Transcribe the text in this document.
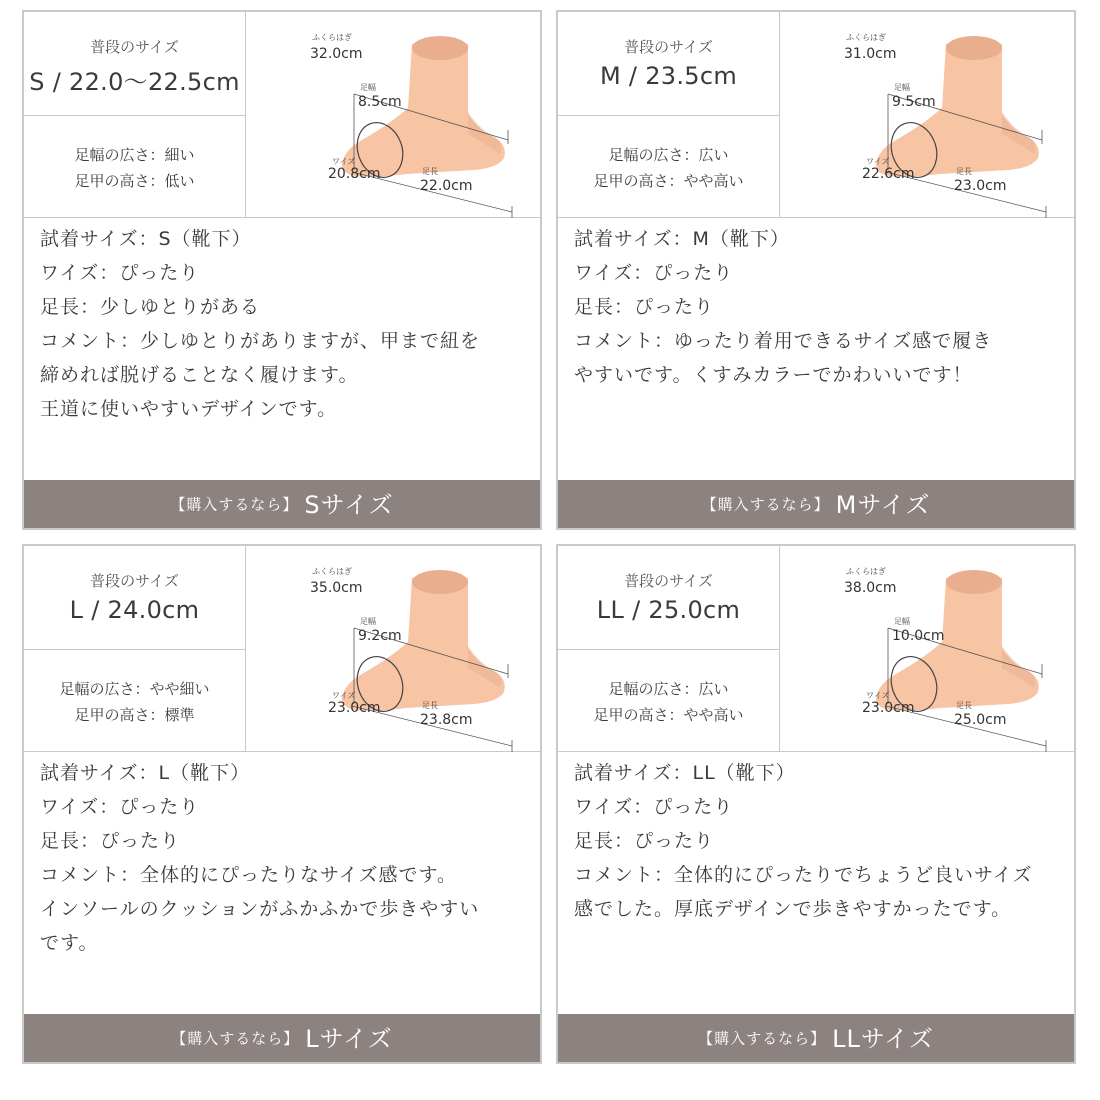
普段のサイズ
S / 22.0〜22.5cm
足幅の広さ：細い
足甲の高さ：低い
ふくらはぎ
32.0cm
足幅
8.5cm
ワイズ
20.8cm	足長
22.0cm

試着サイズ：S（靴下）

ワイズ：ぴったり

足長：少しゆとりがある

コメント：少しゆとりがありますが、甲まで紐を

締めれば脱げることなく履けます。

王道に使いやすいデザインです。

【購入するなら】 Sサイズ
普段のサイズ
M / 23.5cm
足幅の広さ：広い
足甲の高さ：やや高い
ふくらはぎ
31.0cm
足幅
9.5cm
ワイズ
22.6cm	足長
23.0cm

試着サイズ：M（靴下）

ワイズ：ぴったり

足長：ぴったり

コメント：ゆったり着用できるサイズ感で履き

やすいです。くすみカラーでかわいいです！

【購入するなら】 Mサイズ
普段のサイズ
L / 24.0cm
足幅の広さ：やや細い
足甲の高さ：標準
ふくらはぎ
35.0cm
足幅
9.2cm
ワイズ
23.0cm	足長
23.8cm

試着サイズ：L（靴下）

ワイズ：ぴったり

足長：ぴったり

コメント：全体的にぴったりなサイズ感です。

インソールのクッションがふかふかで歩きやすい

です。

【購入するなら】 Lサイズ
普段のサイズ
LL / 25.0cm
足幅の広さ：広い
足甲の高さ：やや高い
ふくらはぎ
38.0cm
足幅
10.0cm
ワイズ
23.0cm	足長
25.0cm

試着サイズ：LL（靴下）

ワイズ：ぴったり

足長：ぴったり

コメント：全体的にぴったりでちょうど良いサイズ

感でした。厚底デザインで歩きやすかったです。

【購入するなら】 LLサイズ
